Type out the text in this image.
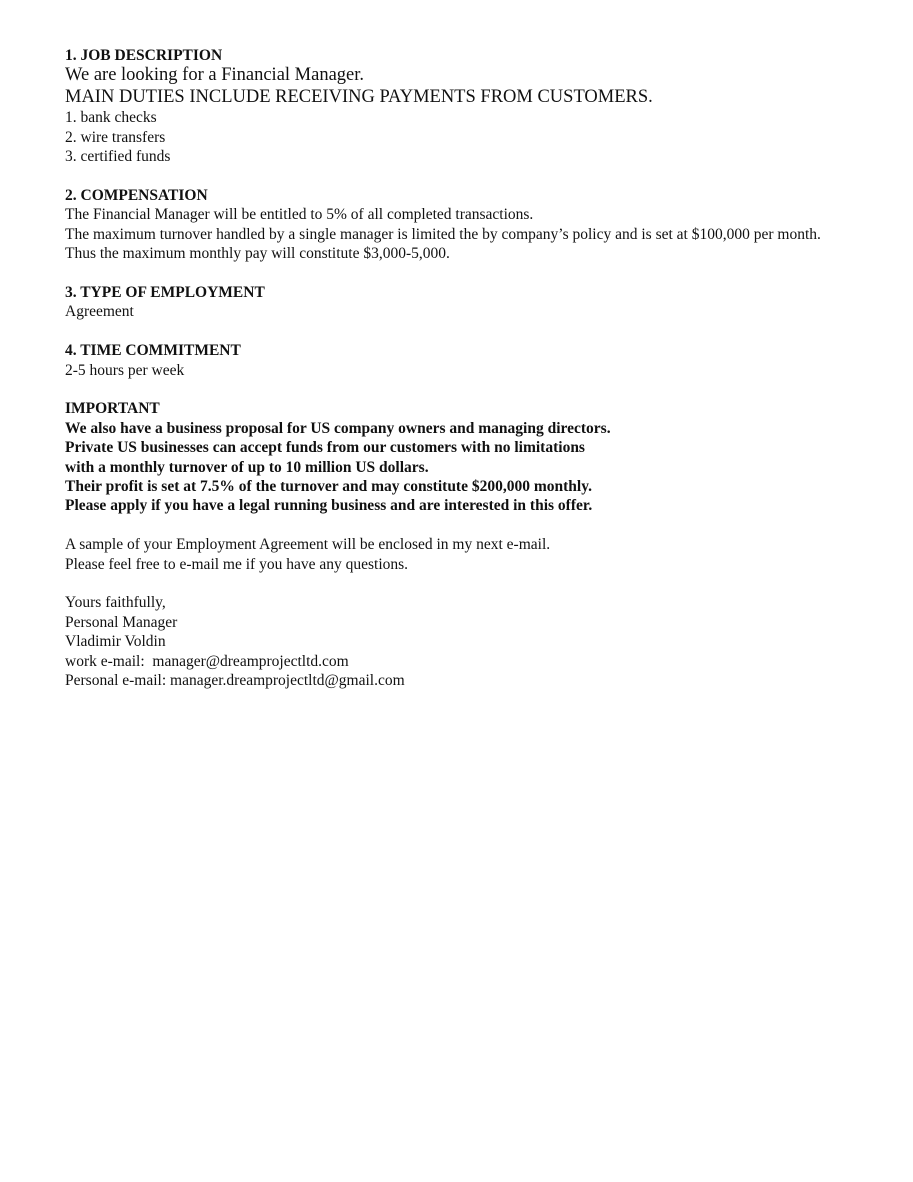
1. JOB DESCRIPTION

We are looking for a Financial Manager.

MAIN DUTIES INCLUDE RECEIVING PAYMENTS FROM CUSTOMERS.

1. bank checks

2. wire transfers

3. certified funds

2. COMPENSATION

The Financial Manager will be entitled to 5% of all completed transactions.

The maximum turnover handled by a single manager is limited the by company’s policy and is set at $100,000 per month.

Thus the maximum monthly pay will constitute $3,000-5,000.

3. TYPE OF EMPLOYMENT

Agreement

4. TIME COMMITMENT

2-5 hours per week

IMPORTANT

We also have a business proposal for US company owners and managing directors.

Private US businesses can accept funds from our customers with no limitations

with a monthly turnover of up to 10 million US dollars.

Their profit is set at 7.5% of the turnover and may constitute $200,000 monthly.

Please apply if you have a legal running business and are interested in this offer.

A sample of your Employment Agreement will be enclosed in my next e-mail.

Please feel free to e-mail me if you have any questions.

Yours faithfully,

Personal Manager

Vladimir Voldin

work e-mail:  manager@dreamprojectltd.com

Personal e-mail: manager.dreamprojectltd@gmail.com
